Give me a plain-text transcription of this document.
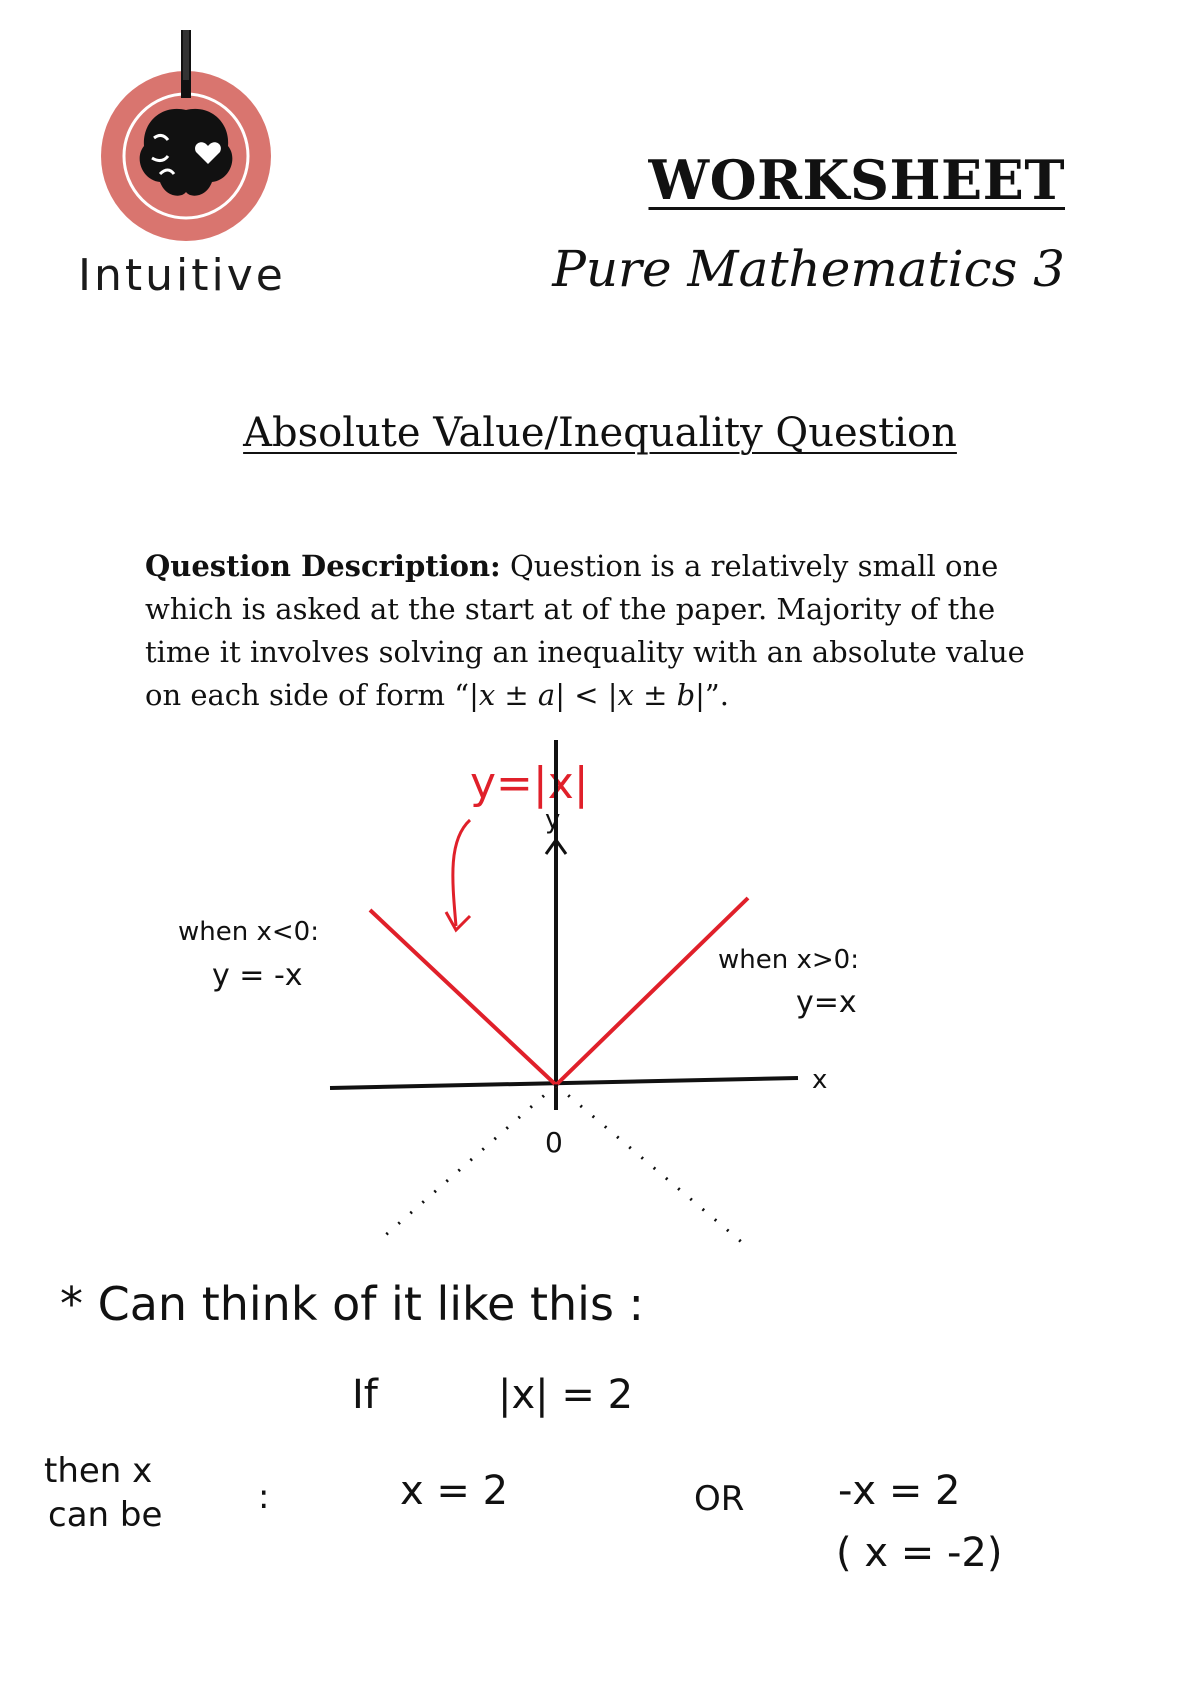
Intuitive
WORKSHEET
Pure Mathematics 3
Absolute Value/Inequality Question
Question Description: Question is a relatively small one which is asked at the start at of the paper. Majority of the time it involves solving an inequality with an absolute value on each side of form “|x ± a| < |x ± b|”.
y=|x|
y
x
0
when x<0:
y = -x	when x>0:
y=x
* Can think of it like this :
If	|x| = 2
then x
can be	:	x = 2	OR -x = 2
( x = -2)
